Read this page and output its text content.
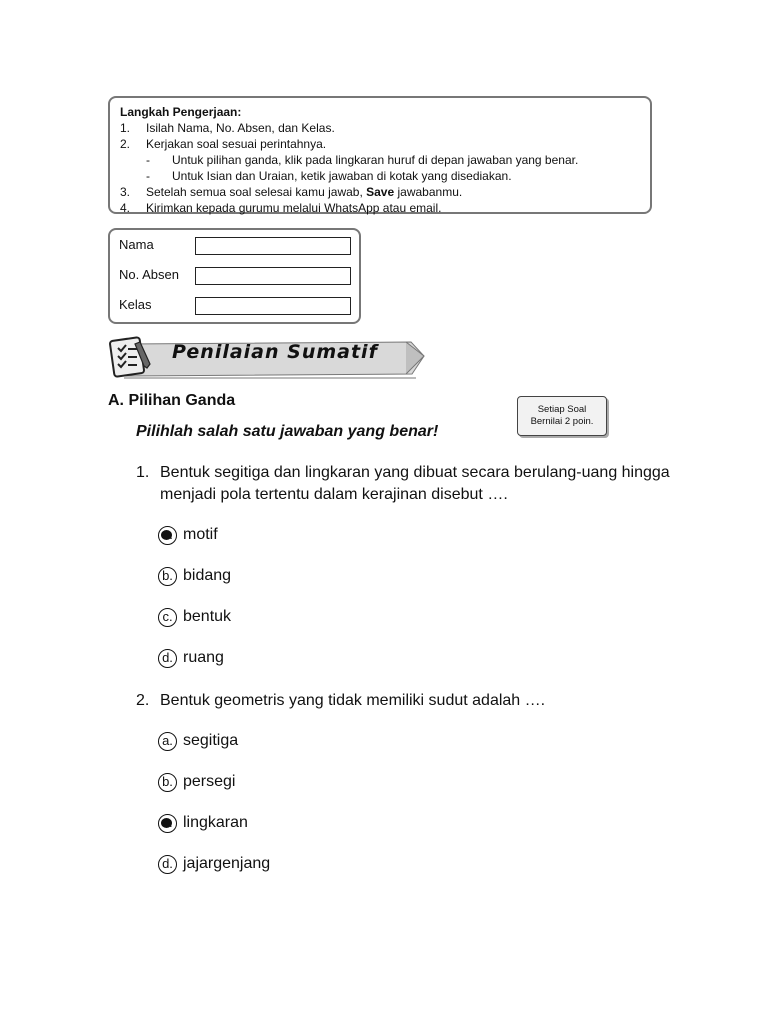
Langkah Pengerjaan:
1.	Isilah Nama, No. Absen, dan Kelas.
2.	Kerjakan soal sesuai perintahnya.
-	Untuk pilihan ganda, klik pada lingkaran huruf di depan jawaban yang benar.
-	Untuk Isian dan Uraian, ketik jawaban di kotak yang disediakan.
3.	Setelah semua soal selesai kamu jawab, Save jawabanmu.
4.	Kirimkan kepada gurumu melalui WhatsApp atau email.
Nama
No. Absen
Kelas
Penilaian Sumatif
A. Pilihan Ganda
Pilihlah salah satu jawaban yang benar!
Setiap Soal
Bernilai 2 poin.
1. Bentuk segitiga dan lingkaran yang dibuat secara berulang-uang hingga menjadi pola tertentu dalam kerajinan disebut ….
motif
b. bidang
c. bentuk
d. ruang
2. Bentuk geometris yang tidak memiliki sudut adalah ….
a. segitiga
b. persegi
lingkaran
d. jajargenjang
